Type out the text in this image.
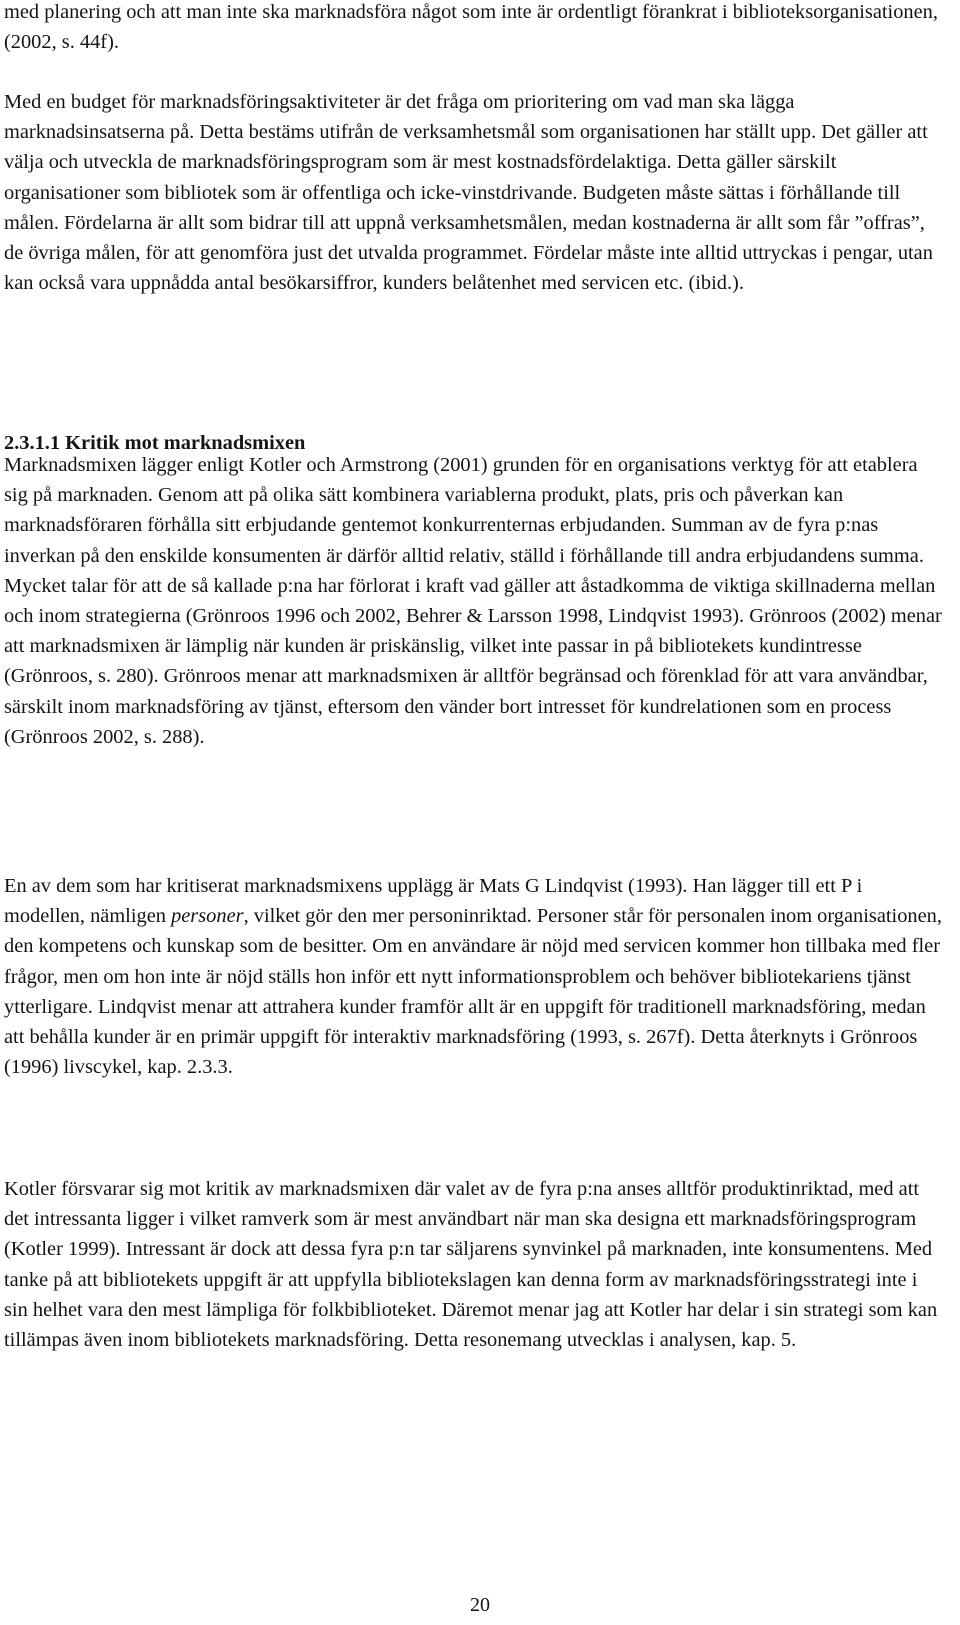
med planering och att man inte ska marknadsföra något som inte är ordentligt förankrat i biblioteksorganisationen, (2002, s. 44f).

Med en budget för marknadsföringsaktiviteter är det fråga om prioritering om vad man ska lägga marknadsinsatserna på. Detta bestäms utifrån de verksamhetsmål som organisationen har ställt upp. Det gäller att välja och utveckla de marknadsföringsprogram som är mest kostnadsfördelaktiga. Detta gäller särskilt organisationer som bibliotek som är offentliga och icke-vinstdrivande. Budgeten måste sättas i förhållande till målen. Fördelarna är allt som bidrar till att uppnå verksamhetsmålen, medan kostnaderna är allt som får ”offras”, de övriga målen, för att genomföra just det utvalda programmet. Fördelar måste inte alltid uttryckas i pengar, utan kan också vara uppnådda antal besökarsiffror, kunders belåtenhet med servicen etc. (ibid.).

2.3.1.1 Kritik mot marknadsmixen

Marknadsmixen lägger enligt Kotler och Armstrong (2001) grunden för en organisations verktyg för att etablera sig på marknaden. Genom att på olika sätt kombinera variablerna produkt, plats, pris och påverkan kan marknadsföraren förhålla sitt erbjudande gentemot konkurrenternas erbjudanden. Summan av de fyra p:nas inverkan på den enskilde konsumenten är därför alltid relativ, ställd i förhållande till andra erbjudandens summa. Mycket talar för att de så kallade p:na har förlorat i kraft vad gäller att åstadkomma de viktiga skillnaderna mellan och inom strategierna (Grönroos 1996 och 2002, Behrer & Larsson 1998, Lindqvist 1993). Grönroos (2002) menar att marknadsmixen är lämplig när kunden är priskänslig, vilket inte passar in på bibliotekets kundintresse (Grönroos, s. 280). Grönroos menar att marknadsmixen är alltför begränsad och förenklad för att vara användbar, särskilt inom marknadsföring av tjänst, eftersom den vänder bort intresset för kundrelationen som en process (Grönroos 2002, s. 288).

En av dem som har kritiserat marknadsmixens upplägg är Mats G Lindqvist (1993). Han lägger till ett P i modellen, nämligen personer, vilket gör den mer personinriktad. Personer står för personalen inom organisationen, den kompetens och kunskap som de besitter. Om en användare är nöjd med servicen kommer hon tillbaka med fler frågor, men om hon inte är nöjd ställs hon inför ett nytt informationsproblem och behöver bibliotekariens tjänst ytterligare. Lindqvist menar att attrahera kunder framför allt är en uppgift för traditionell marknadsföring, medan att behålla kunder är en primär uppgift för interaktiv marknadsföring (1993, s. 267f). Detta återknyts i Grönroos (1996) livscykel, kap. 2.3.3.

Kotler försvarar sig mot kritik av marknadsmixen där valet av de fyra p:na anses alltför produktinriktad, med att det intressanta ligger i vilket ramverk som är mest användbart när man ska designa ett marknadsföringsprogram (Kotler 1999). Intressant är dock att dessa fyra p:n tar säljarens synvinkel på marknaden, inte konsumentens. Med tanke på att bibliotekets uppgift är att uppfylla bibliotekslagen kan denna form av marknadsföringsstrategi inte i sin helhet vara den mest lämpliga för folkbiblioteket. Däremot menar jag att Kotler har delar i sin strategi som kan tillämpas även inom bibliotekets marknadsföring. Detta resonemang utvecklas i analysen, kap. 5.

20
